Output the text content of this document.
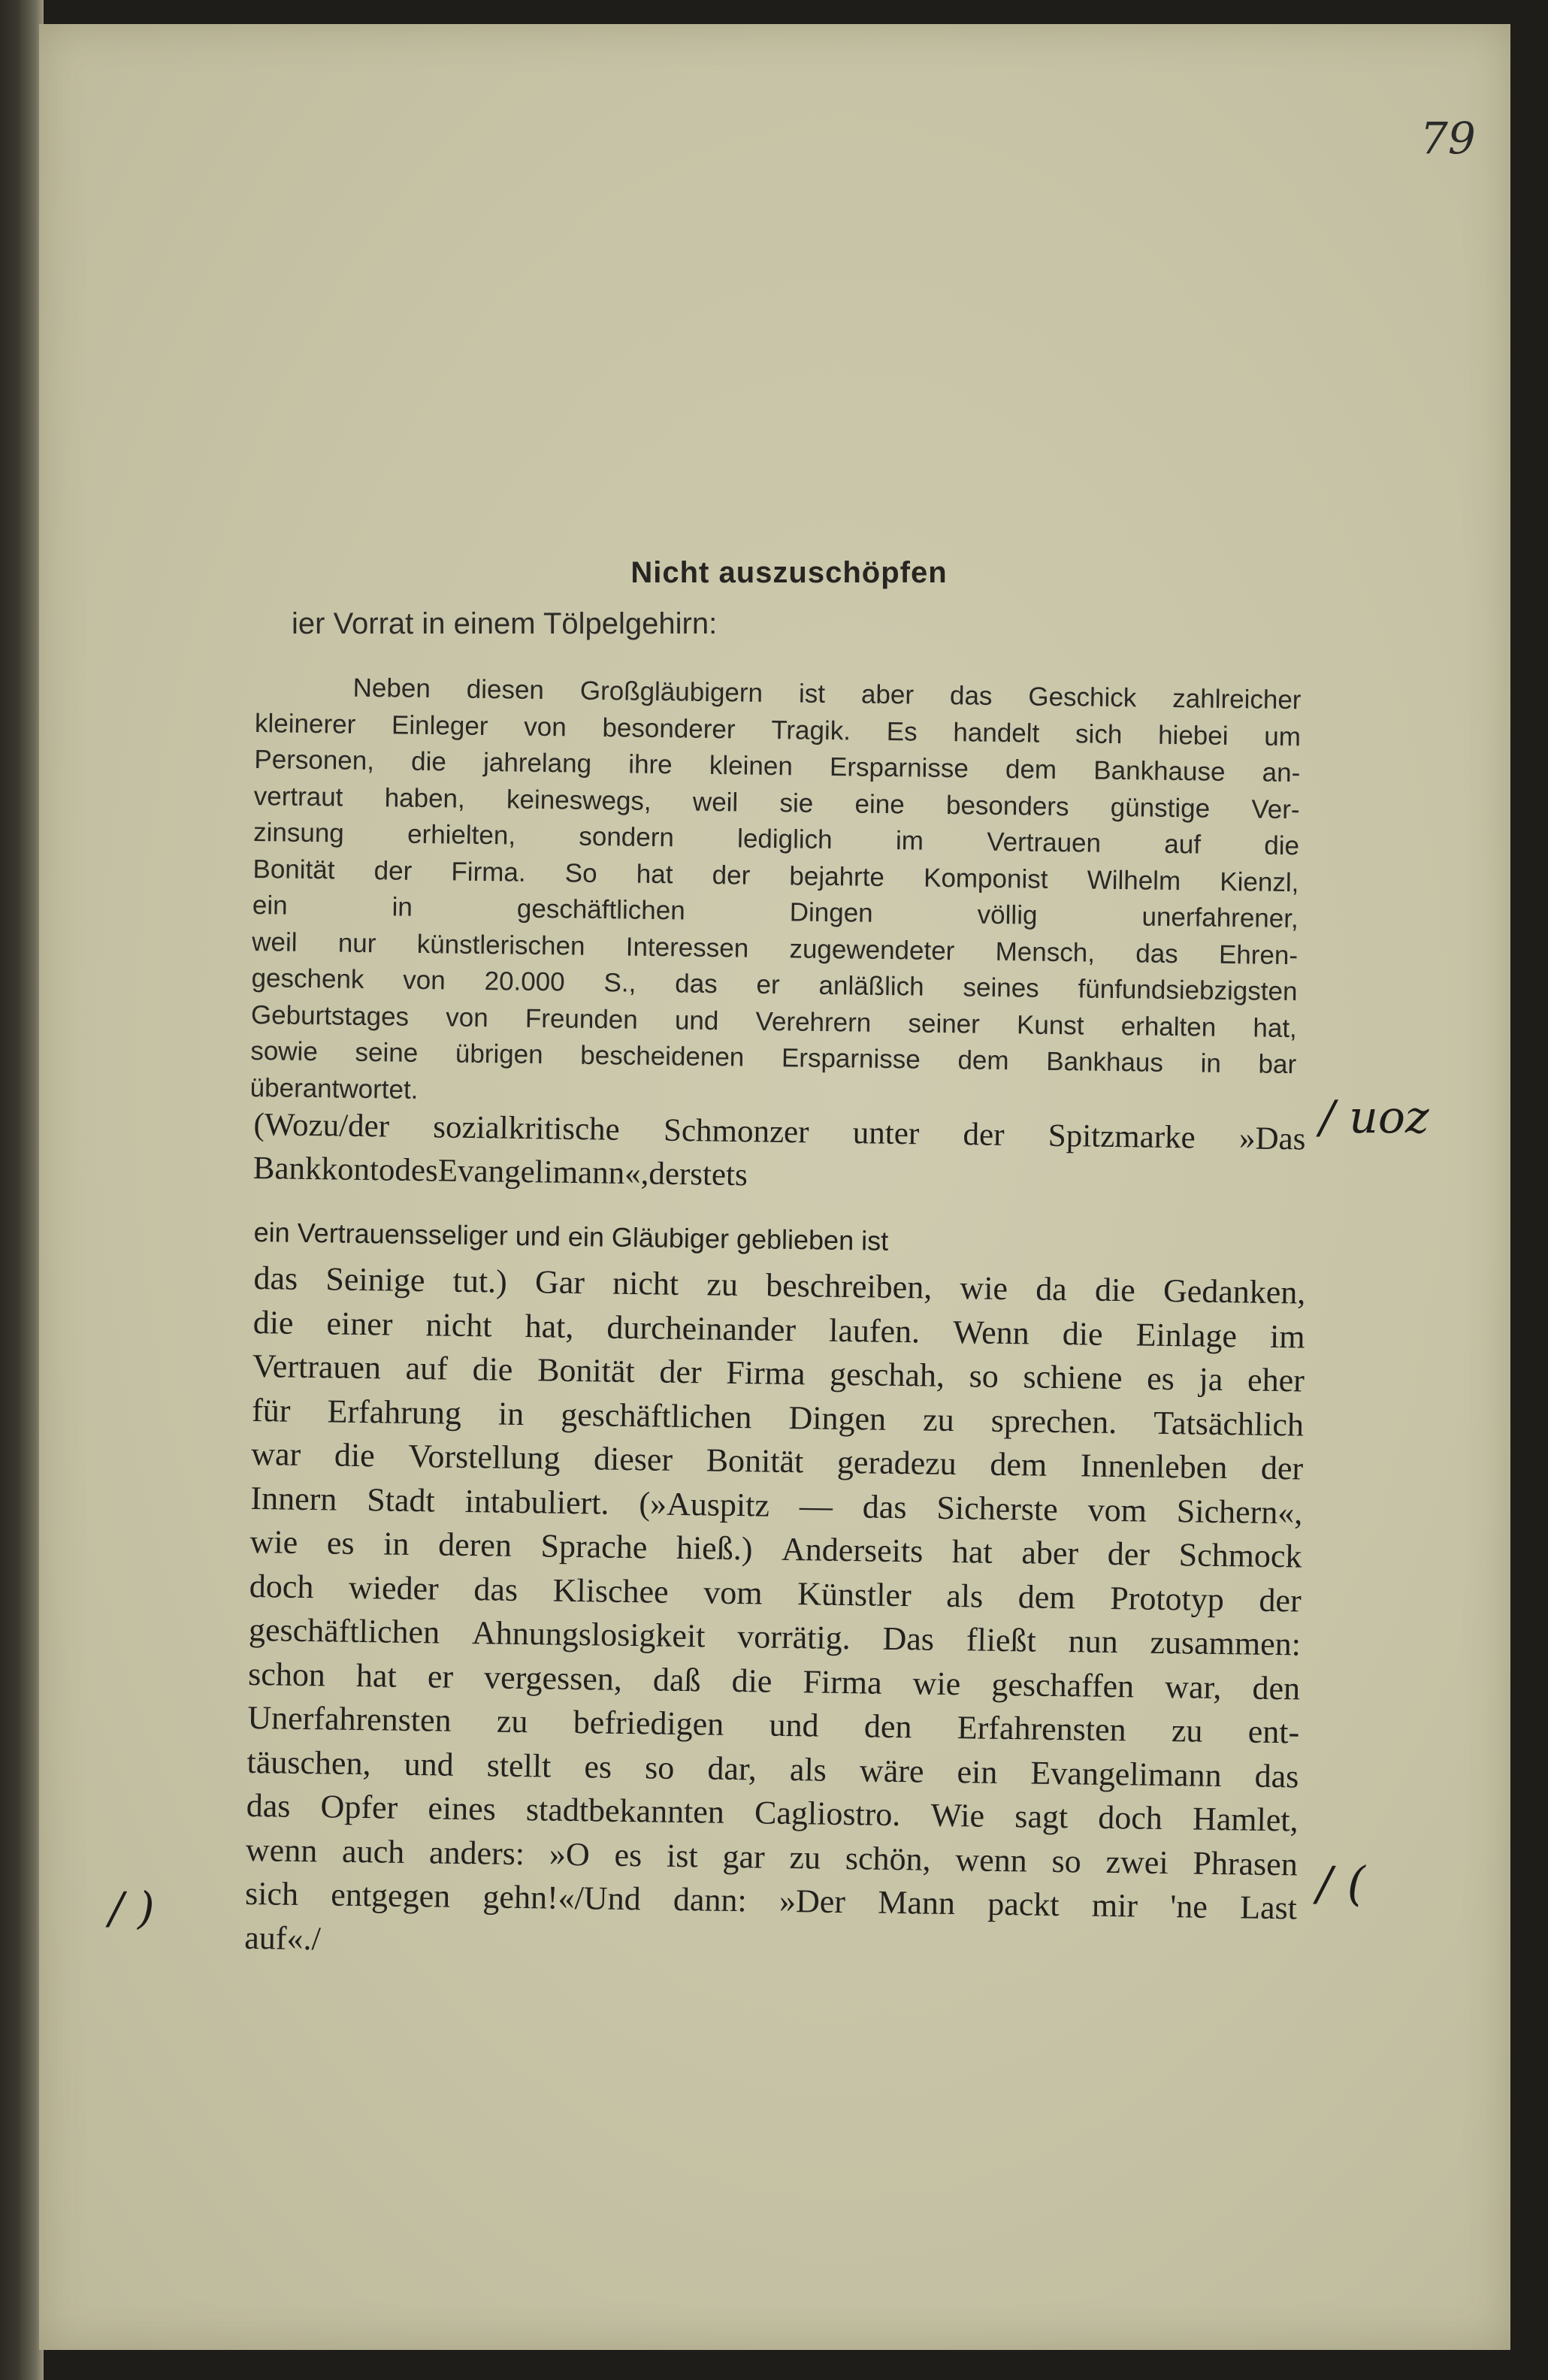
79
Nicht auszuschöpfen
ier Vorrat in einem Tölpelgehirn:
Neben diesen Großgläubigern ist aber das Geschick zahlreicher
kleinerer Einleger von besonderer Tragik. Es handelt sich hiebei um
Personen, die jahrelang ihre kleinen Ersparnisse dem Bankhause an-
vertraut haben, keineswegs, weil sie eine besonders günstige Ver-
zinsung erhielten, sondern lediglich im Vertrauen auf die
Bonität der Firma. So hat der bejahrte Komponist Wilhelm Kienzl,
ein	in	geschäftlichen	Dingen	völlig	unerfahrener,
weil nur künstlerischen Interessen zugewendeter Mensch, das Ehren-
geschenk von 20.000 S., das er anläßlich seines fünfundsiebzigsten
Geburtstages von Freunden und Verehrern seiner Kunst erhalten hat,
sowie seine übrigen bescheidenen Ersparnisse dem Bankhaus in bar
überantwortet.
(Wozu/der sozialkritische Schmonzer unter der Spitzmarke »Das
Bankkonto des Evangelimann«, der stets
ein Vertrauensseliger und ein Gläubiger geblieben ist
das Seinige tut.) Gar nicht zu beschreiben, wie da die Gedanken,
die einer nicht hat, durcheinander laufen. Wenn die Einlage im
Vertrauen auf die Bonität der Firma geschah, so schiene es ja eher
für Erfahrung in geschäftlichen Dingen zu sprechen. Tatsächlich
war die Vorstellung dieser Bonität geradezu dem Innenleben der
Innern Stadt intabuliert. (»Auspitz — das Sicherste vom Sichern«,
wie es in deren Sprache hieß.) Anderseits hat aber der Schmock
doch wieder das Klischee vom Künstler als dem Prototyp der
geschäftlichen Ahnungslosigkeit vorrätig. Das fließt nun zusammen:
schon hat er vergessen, daß die Firma wie geschaffen war, den
Unerfahrensten zu befriedigen und den Erfahrensten zu ent-
täuschen, und stellt es so dar, als wäre ein Evangelimann das
das Opfer eines stadtbekannten Cagliostro. Wie sagt doch Hamlet,
wenn auch anders: »O es ist gar zu schön, wenn so zwei Phrasen
sich entgegen gehn!«/Und dann: »Der Mann packt mir 'ne Last
auf«./
/ uoz
/ (
/ )
